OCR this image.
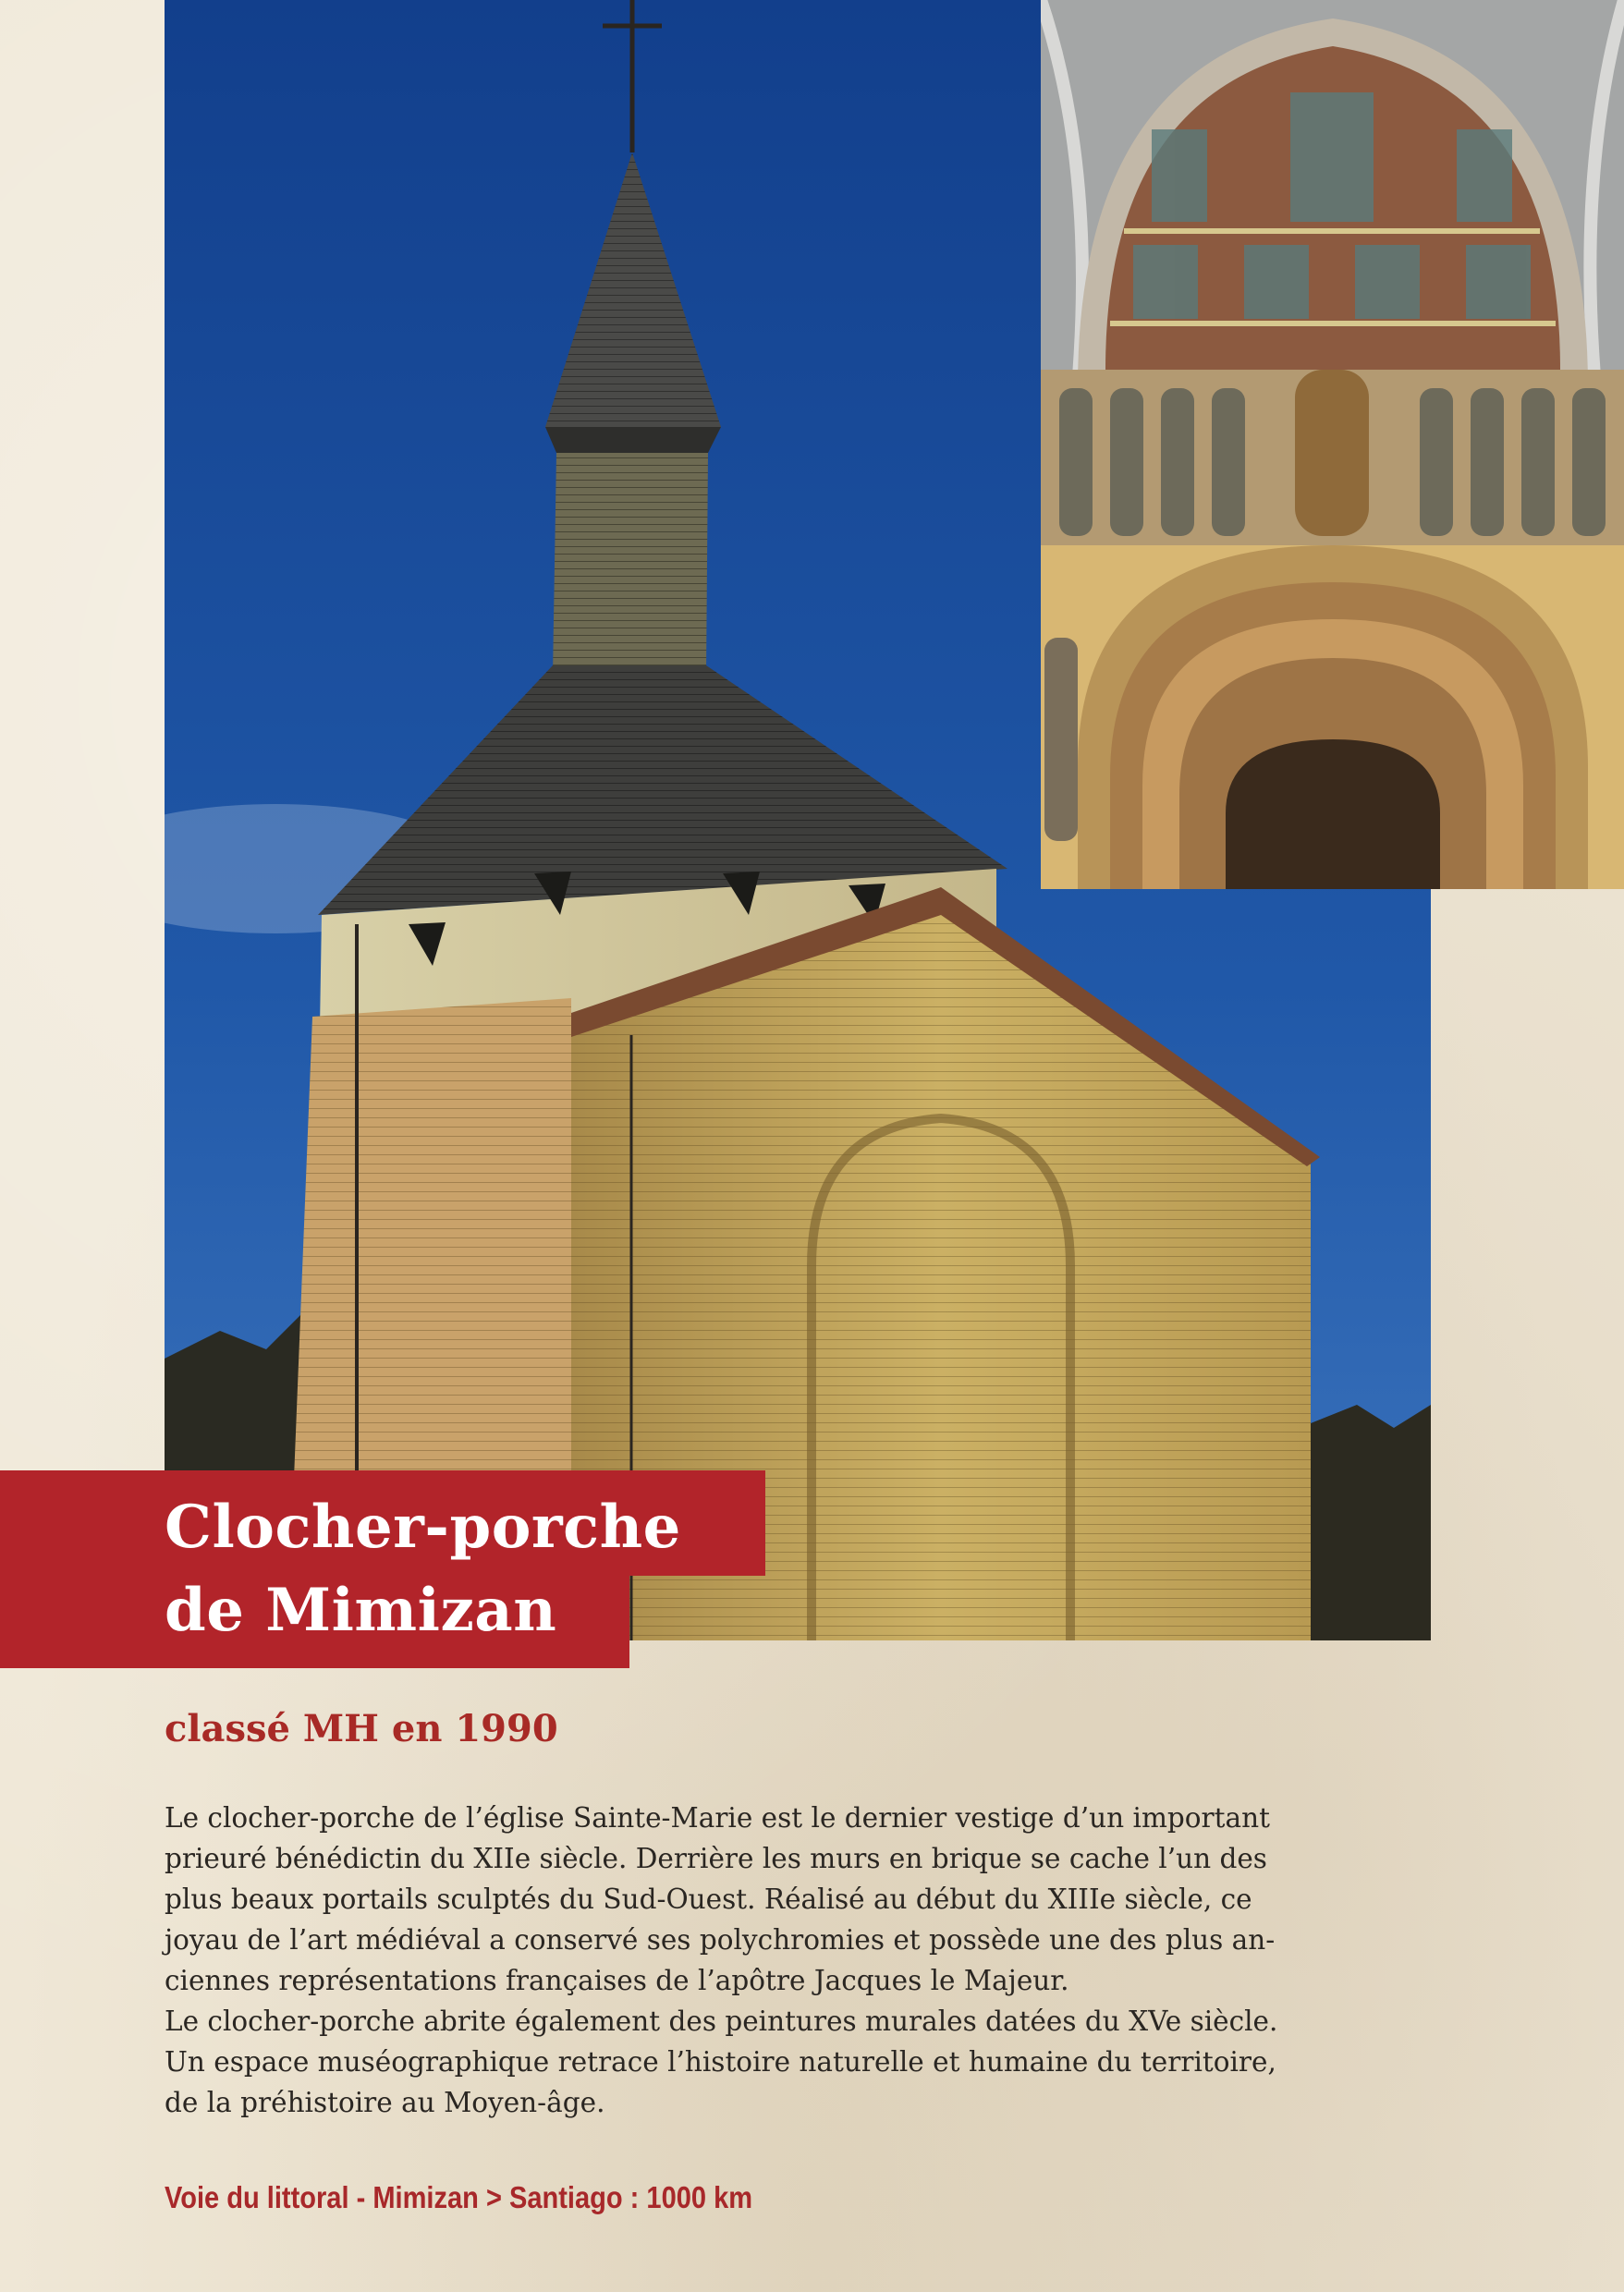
Clocher-porche
de Mimizan

classé MH en 1990

Le clocher-porche de l’église Sainte-Marie est le dernier vestige d’un important
prieuré bénédictin du XIIe siècle. Derrière les murs en brique se cache l’un des
plus beaux portails sculptés du Sud-Ouest. Réalisé au début du XIIIe siècle, ce
joyau de l’art médiéval a conservé ses polychromies et possède une des plus an-
ciennes représentations françaises de l’apôtre Jacques le Majeur.
Le clocher-porche abrite également des peintures murales datées du XVe siècle.
Un espace muséographique retrace l’histoire naturelle et humaine du territoire,
de la préhistoire au Moyen-âge.

Voie du littoral - Mimizan > Santiago : 1000 km
